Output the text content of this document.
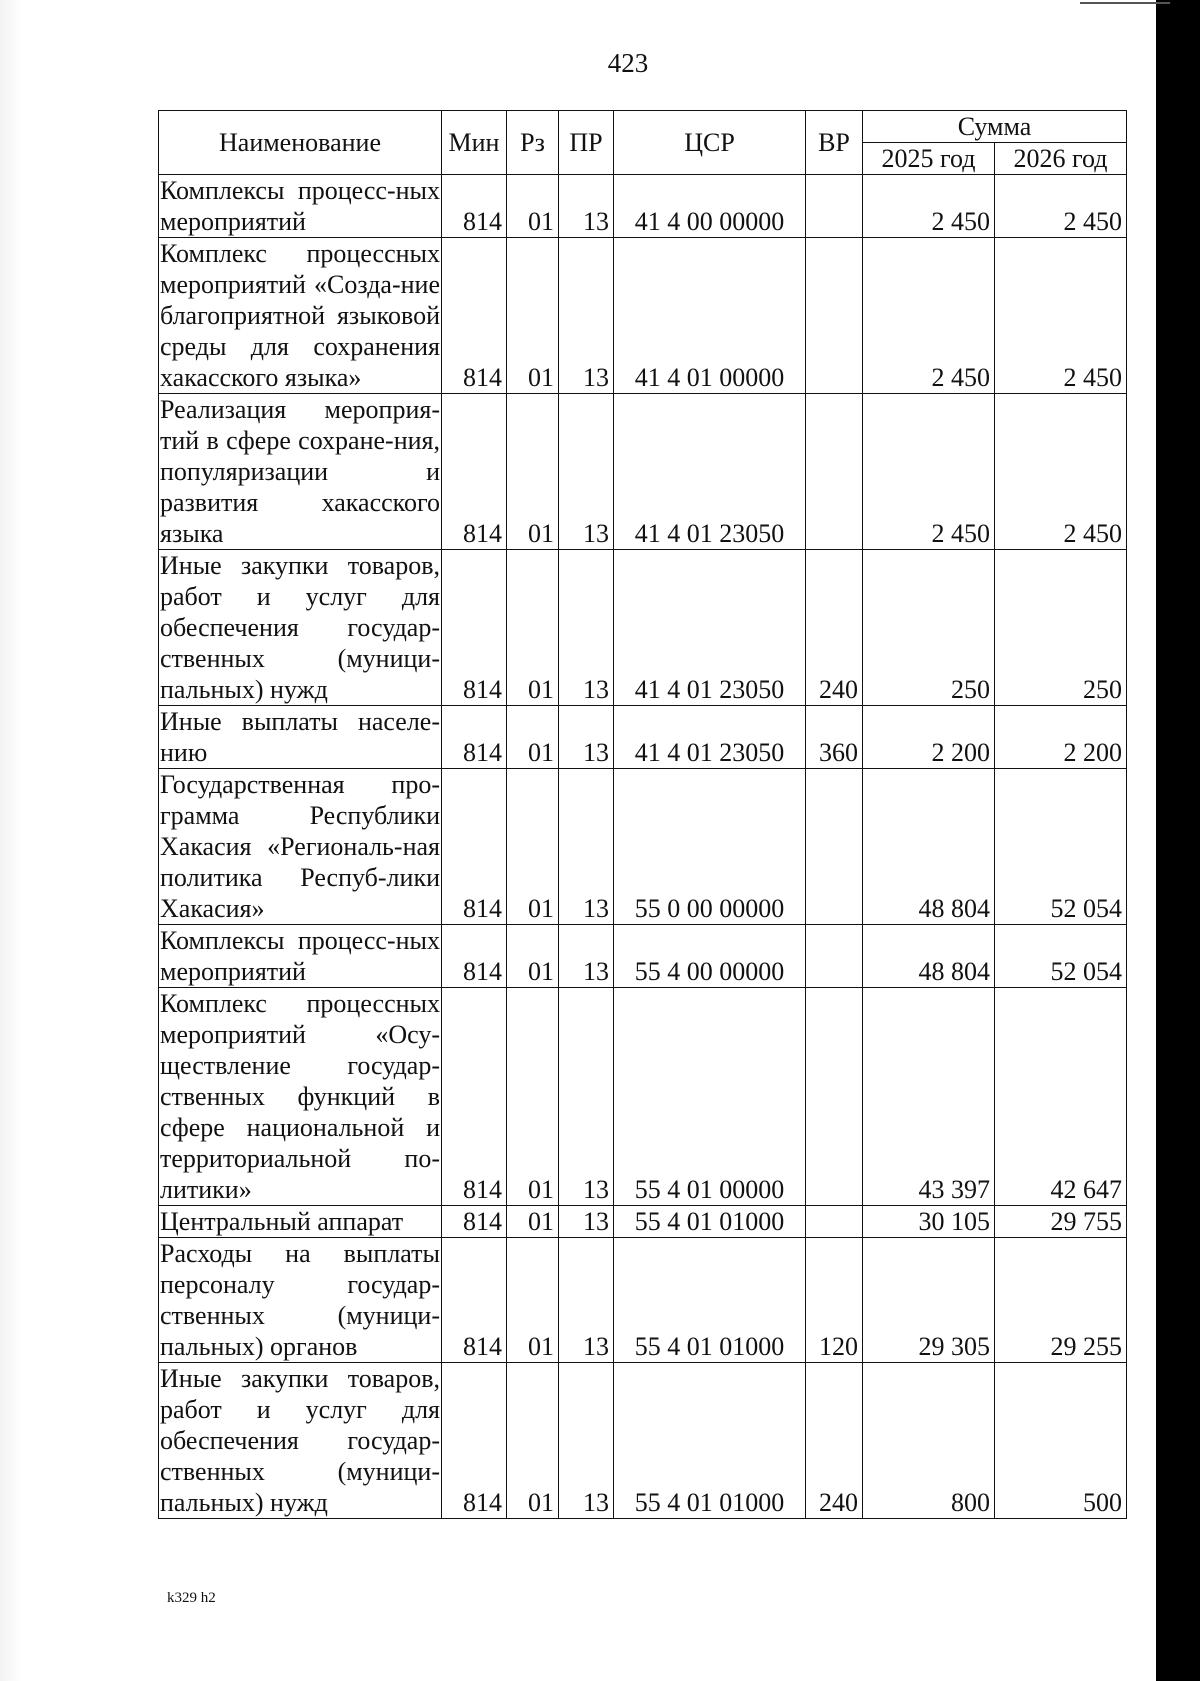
423
Наименование	Мин	Рз	ПР	ЦСР	ВР	Сумма	
						2025 год	2026 год
Комплексы процесс-ных мероприятий	814	01	13	41 4 00 00000		2 450	2 450
Комплекс процессных мероприятий «Созда-ние благоприятной языковой среды для сохранения хакасского языка»	814	01	13	41 4 01 00000		2 450	2 450
Реализация мероприя-тий в сфере сохране-ния, популяризации и развития хакасского языка	814	01	13	41 4 01 23050		2 450	2 450
Иные закупки товаров, работ и услуг для обеспечения государ-ственных (муници-пальных) нужд	814	01	13	41 4 01 23050	240	250	250
Иные выплаты населе-нию	814	01	13	41 4 01 23050	360	2 200	2 200
Государственная про-грамма Республики Хакасия «Региональ-ная политика Респуб-лики Хакасия»	814	01	13	55 0 00 00000		48 804	52 054
Комплексы процесс-ных мероприятий	814	01	13	55 4 00 00000		48 804	52 054
Комплекс процессных мероприятий «Осу-ществление государ-ственных функций в сфере национальной и территориальной по-литики»	814	01	13	55 4 01 00000		43 397	42 647
Центральный аппарат	814	01	13	55 4 01 01000		30 105	29 755
Расходы на выплаты персоналу государ-ственных (муници-пальных) органов	814	01	13	55 4 01 01000	120	29 305	29 255
Иные закупки товаров, работ и услуг для обеспечения государ-ственных (муници-пальных) нужд	814	01	13	55 4 01 01000	240	800	500
k329 h2
